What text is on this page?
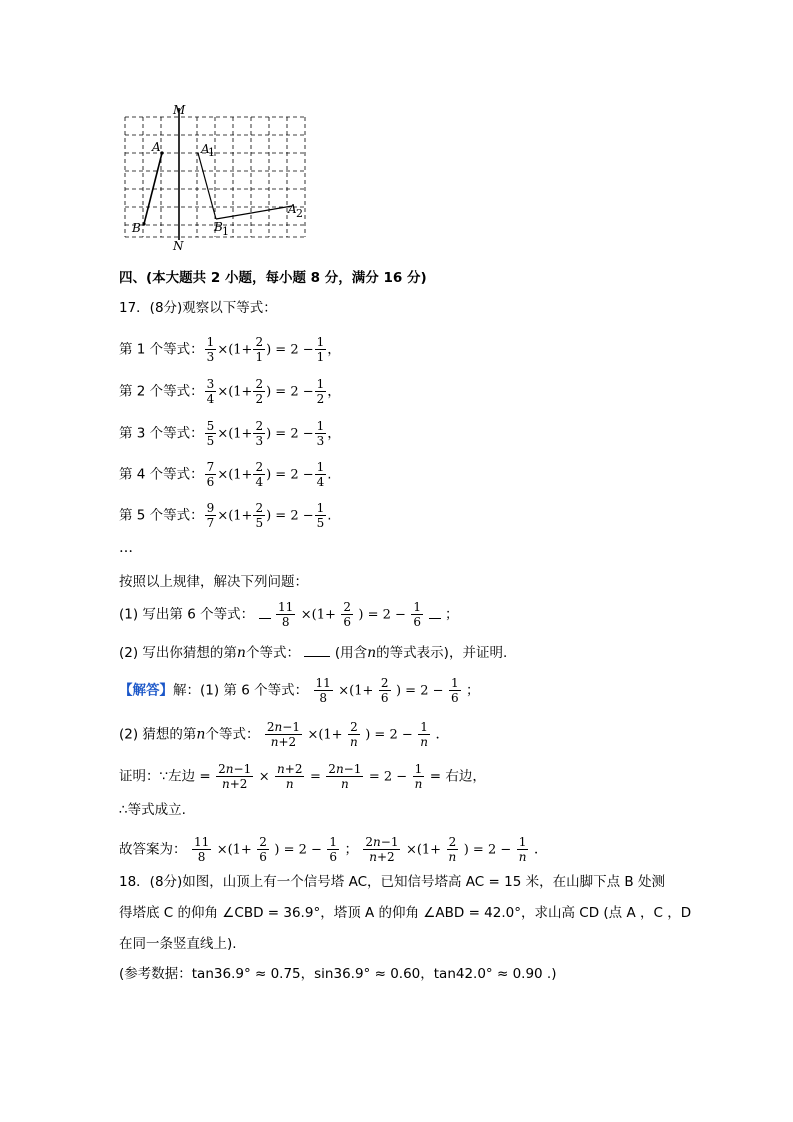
M
N
A
B
A
B
A
1
1
2
四、(本大题共 2 小题，每小题 8 分，满分 16 分)
17．(8分)观察以下等式：
第 1 个等式： $\frac{1}{3} \times(1+ \frac{2}{1}$ ) = $2 - \frac{1}{1}$ ，
第 2 个等式： $\frac{3}{4} \times(1+ \frac{2}{2}$ ) = $2 - \frac{1}{2}$ ，
第 3 个等式： $\frac{5}{5} \times(1+ \frac{2}{3}$ ) = $2 - \frac{1}{3}$ ，
第 4 个等式： $\frac{7}{6} \times(1+ \frac{2}{4}$ ) = $2 - \frac{1}{4}$ .
第 5 个等式： $\frac{9}{7} \times(1+ \frac{2}{5}$ ) = $2 - \frac{1}{5}$ .
…
按照以上规律，解决下列问题：
(1) 写出第 6 个等式： $\frac{11}{8} \times(1+ \frac{2}{6}$ ) = $2 - \frac{1}{6}$ ；
(2) 写出你猜想的第n个等式：	(用含n的等式表示)，并证明.
【解答】解：(1) 第 6 个等式： $\frac{11}{8} \times(1+ \frac{2}{6}$ ) = $2 - \frac{1}{6}$ ；
(2) 猜想的第n个等式： $\frac{2n-1}{n+2} \times(1+ \frac{2}{n}$ ) = $2 - \frac{1}{n}$ .
证明：∵左边 = $\frac{2n-1}{n+2} \times \frac{n+2}{n} = \frac{2n-1}{n} = 2 - \frac{1}{n}$ = 右边，
∴等式成立.
故答案为： $\frac{11}{8} \times(1+ \frac{2}{6}$ ) = $2 - \frac{1}{6}$ ； $\frac{2n-1}{n+2} \times(1+ \frac{2}{n}$ ) = $2 - \frac{1}{n}$ .
18．(8分)如图，山顶上有一个信号塔 AC，已知信号塔高 AC = 15 米，在山脚下点 B 处测
得塔底 C 的仰角 ∠CBD = 36.9°，塔顶 A 的仰角 ∠ABD = 42.0°，求山高 CD (点 A ，C ，D
在同一条竖直线上).
(参考数据：tan36.9° ≈ 0.75，sin36.9° ≈ 0.60，tan42.0° ≈ 0.90 .)
